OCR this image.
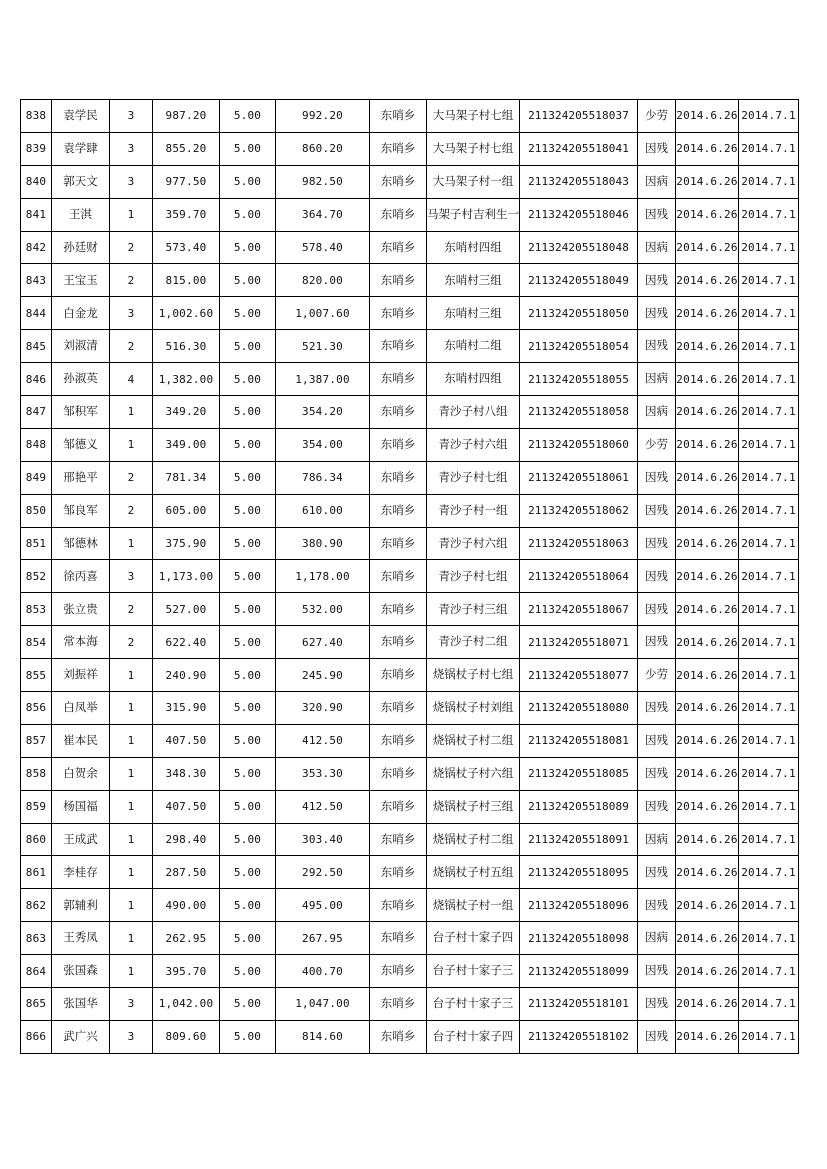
838	袁学民	3	987.20	5.00	992.20	东哨乡	大马架子村七组	211324205518037	少劳	2014.6.26	2014.7.1
839	袁学肆	3	855.20	5.00	860.20	东哨乡	大马架子村七组	211324205518041	因残	2014.6.26	2014.7.1
840	郭天文	3	977.50	5.00	982.50	东哨乡	大马架子村一组	211324205518043	因病	2014.6.26	2014.7.1
841	王淇	1	359.70	5.00	364.70	东哨乡	马架子村吉利生一	211324205518046	因残	2014.6.26	2014.7.1
842	孙廷财	2	573.40	5.00	578.40	东哨乡	东哨村四组	211324205518048	因病	2014.6.26	2014.7.1
843	王宝玉	2	815.00	5.00	820.00	东哨乡	东哨村三组	211324205518049	因残	2014.6.26	2014.7.1
844	白金龙	3	1,002.60	5.00	1,007.60	东哨乡	东哨村三组	211324205518050	因残	2014.6.26	2014.7.1
845	刘淑清	2	516.30	5.00	521.30	东哨乡	东哨村二组	211324205518054	因残	2014.6.26	2014.7.1
846	孙淑英	4	1,382.00	5.00	1,387.00	东哨乡	东哨村四组	211324205518055	因病	2014.6.26	2014.7.1
847	邹积军	1	349.20	5.00	354.20	东哨乡	青沙子村八组	211324205518058	因病	2014.6.26	2014.7.1
848	邹德义	1	349.00	5.00	354.00	东哨乡	青沙子村六组	211324205518060	少劳	2014.6.26	2014.7.1
849	邢艳平	2	781.34	5.00	786.34	东哨乡	青沙子村七组	211324205518061	因残	2014.6.26	2014.7.1
850	邹良军	2	605.00	5.00	610.00	东哨乡	青沙子村一组	211324205518062	因残	2014.6.26	2014.7.1
851	邹德林	1	375.90	5.00	380.90	东哨乡	青沙子村六组	211324205518063	因残	2014.6.26	2014.7.1
852	徐丙喜	3	1,173.00	5.00	1,178.00	东哨乡	青沙子村七组	211324205518064	因残	2014.6.26	2014.7.1
853	张立贵	2	527.00	5.00	532.00	东哨乡	青沙子村三组	211324205518067	因残	2014.6.26	2014.7.1
854	常本海	2	622.40	5.00	627.40	东哨乡	青沙子村二组	211324205518071	因残	2014.6.26	2014.7.1
855	刘振祥	1	240.90	5.00	245.90	东哨乡	烧锅杖子村七组	211324205518077	少劳	2014.6.26	2014.7.1
856	白凤举	1	315.90	5.00	320.90	东哨乡	烧锅杖子村刘组	211324205518080	因残	2014.6.26	2014.7.1
857	崔本民	1	407.50	5.00	412.50	东哨乡	烧锅杖子村二组	211324205518081	因残	2014.6.26	2014.7.1
858	白贺余	1	348.30	5.00	353.30	东哨乡	烧锅杖子村六组	211324205518085	因残	2014.6.26	2014.7.1
859	杨国福	1	407.50	5.00	412.50	东哨乡	烧锅杖子村三组	211324205518089	因残	2014.6.26	2014.7.1
860	王成武	1	298.40	5.00	303.40	东哨乡	烧锅杖子村二组	211324205518091	因病	2014.6.26	2014.7.1
861	李桂存	1	287.50	5.00	292.50	东哨乡	烧锅杖子村五组	211324205518095	因残	2014.6.26	2014.7.1
862	郭辅利	1	490.00	5.00	495.00	东哨乡	烧锅杖子村一组	211324205518096	因残	2014.6.26	2014.7.1
863	王秀凤	1	262.95	5.00	267.95	东哨乡	台子村十家子四	211324205518098	因病	2014.6.26	2014.7.1
864	张国森	1	395.70	5.00	400.70	东哨乡	台子村十家子三	211324205518099	因残	2014.6.26	2014.7.1
865	张国华	3	1,042.00	5.00	1,047.00	东哨乡	台子村十家子三	211324205518101	因残	2014.6.26	2014.7.1
866	武广兴	3	809.60	5.00	814.60	东哨乡	台子村十家子四	211324205518102	因残	2014.6.26	2014.7.1
